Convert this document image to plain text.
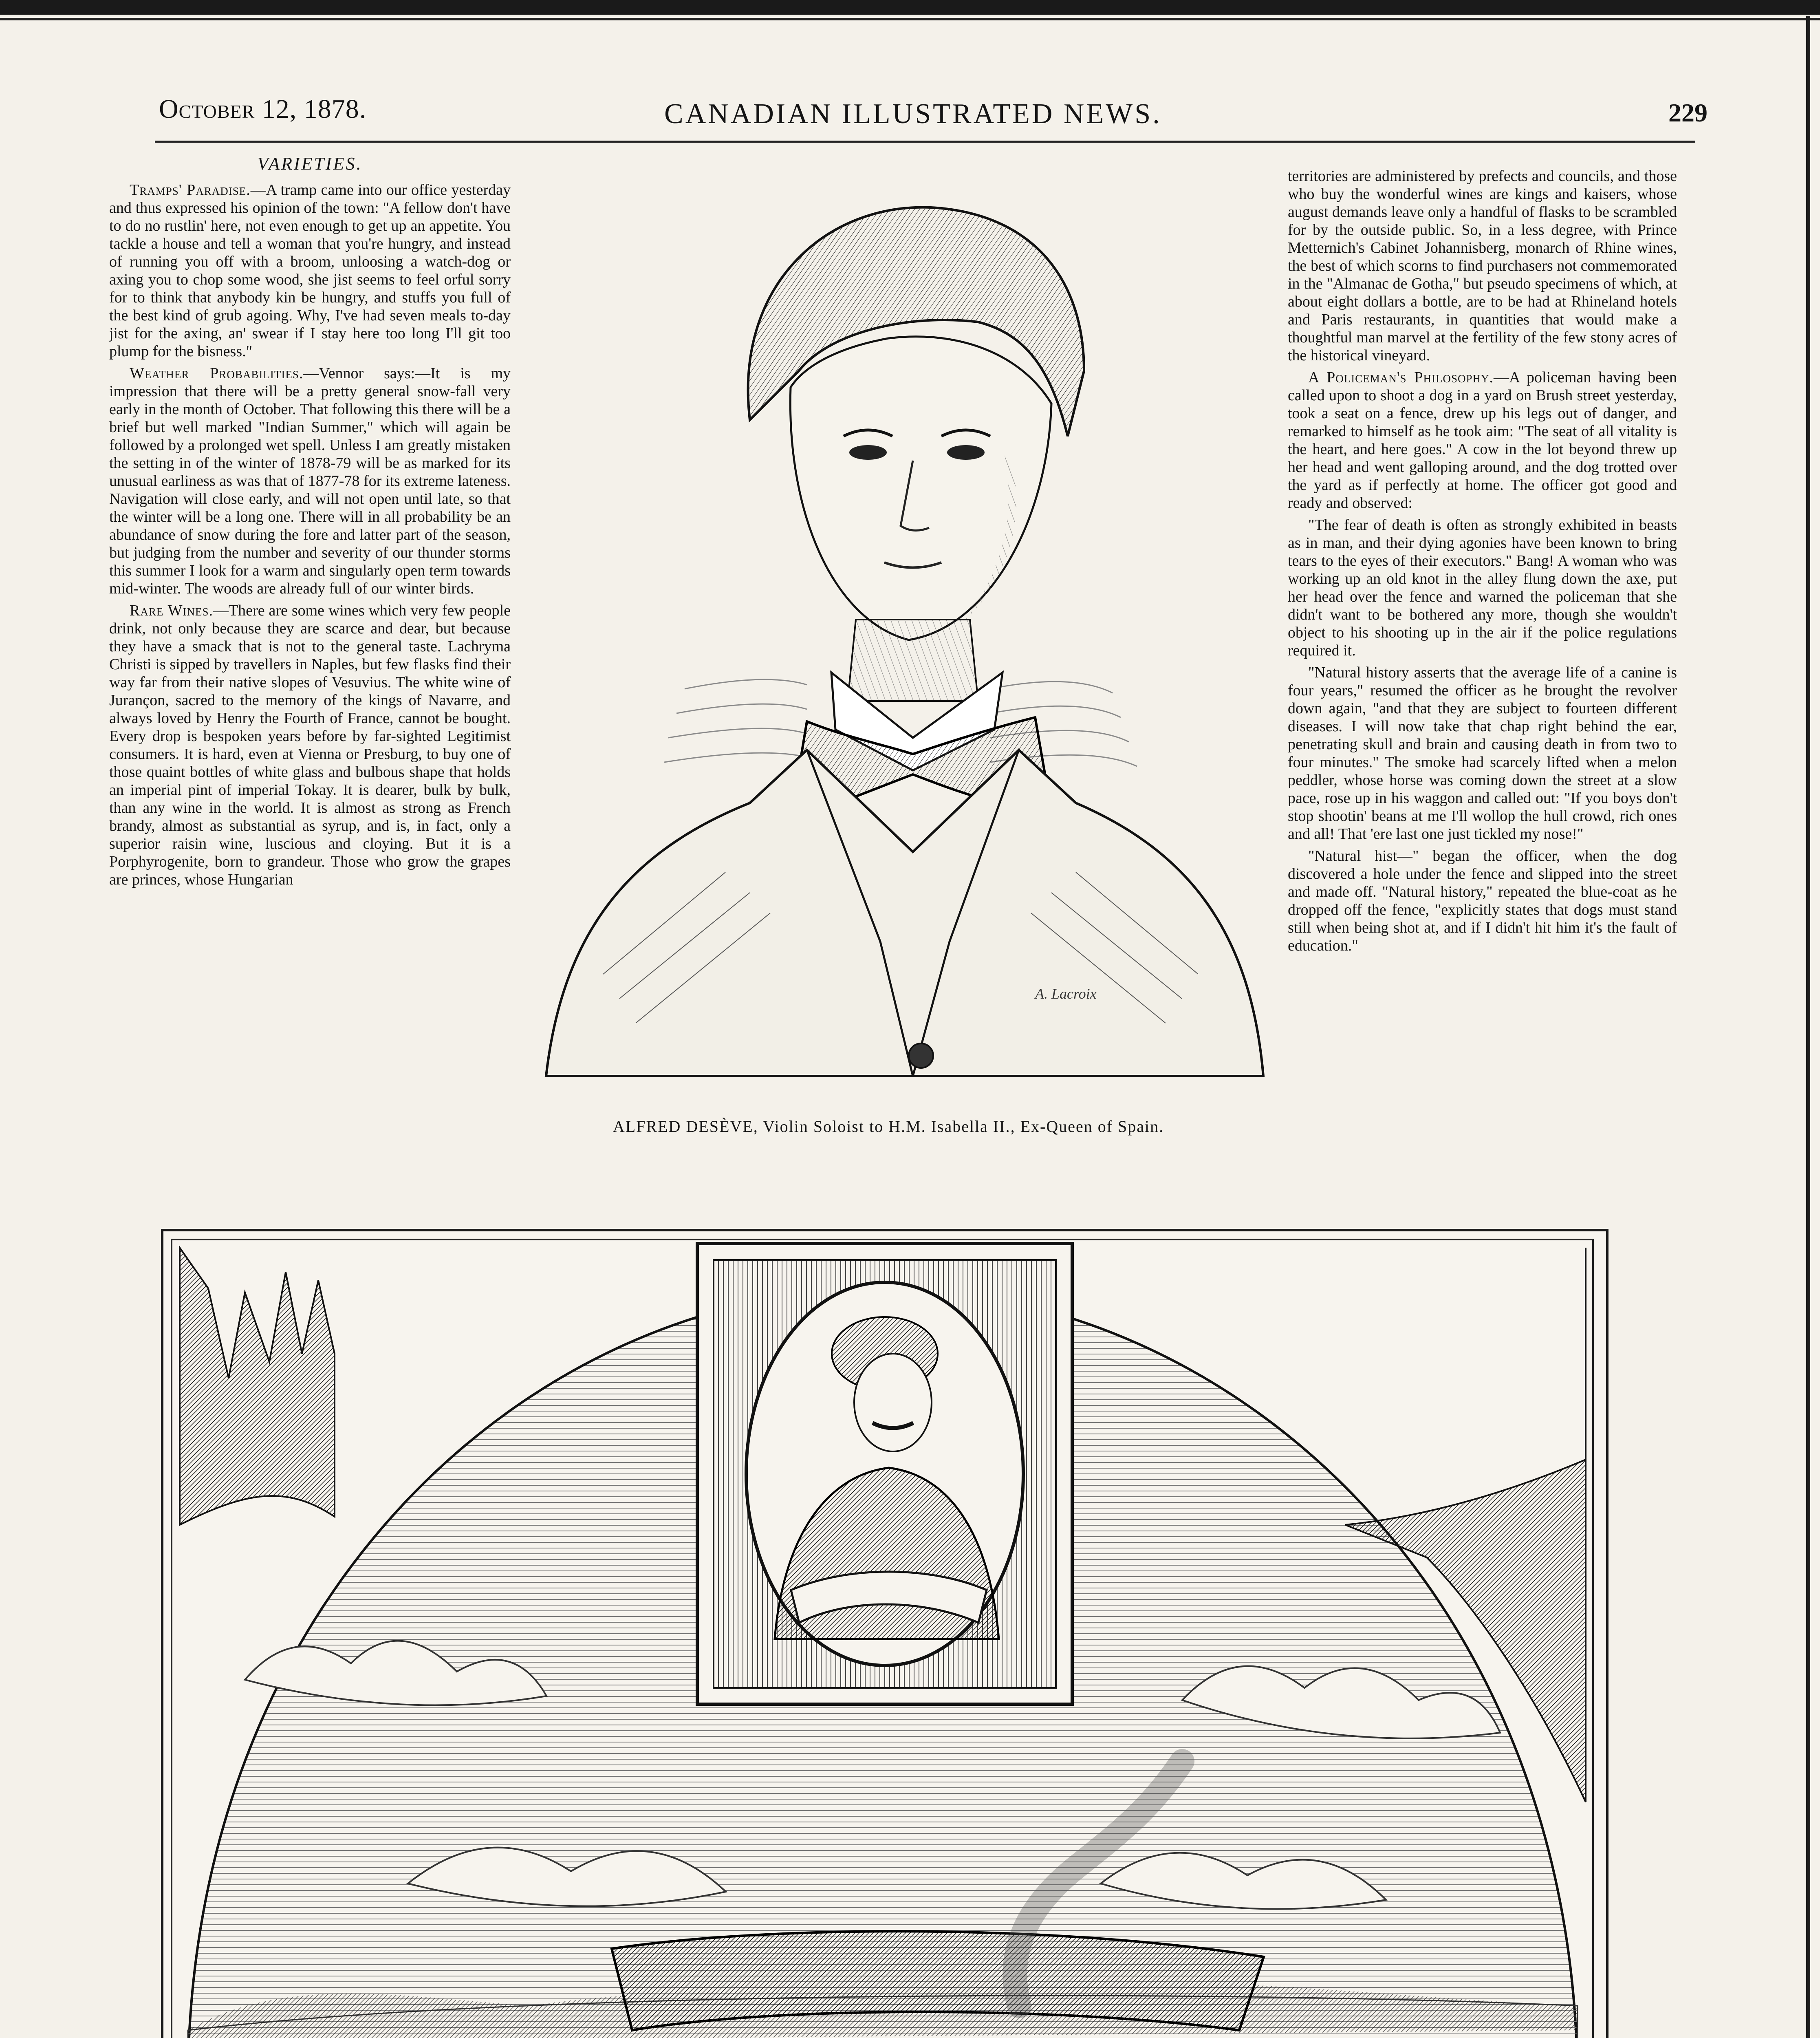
October 12, 1878.	CANADIAN ILLUSTRATED NEWS.	229
VARIETIES.

Tramps' Paradise.—A tramp came into our office yesterday and thus expressed his opinion of the town: "A fellow don't have to do no rustlin' here, not even enough to get up an appetite. You tackle a house and tell a woman that you're hungry, and instead of running you off with a broom, unloosing a watch-dog or axing you to chop some wood, she jist seems to feel orful sorry for to think that anybody kin be hungry, and stuffs you full of the best kind of grub agoing. Why, I've had seven meals to-day jist for the axing, an' swear if I stay here too long I'll git too plump for the bisness."

Weather Probabilities.—Vennor says:—It is my impression that there will be a pretty general snow-fall very early in the month of October. That following this there will be a brief but well marked "Indian Summer," which will again be followed by a prolonged wet spell. Unless I am greatly mistaken the setting in of the winter of 1878-79 will be as marked for its unusual earliness as was that of 1877-78 for its extreme lateness. Navigation will close early, and will not open until late, so that the winter will be a long one. There will in all probability be an abundance of snow during the fore and latter part of the season, but judging from the number and severity of our thunder storms this summer I look for a warm and singularly open term towards mid-winter. The woods are already full of our winter birds.

Rare Wines.—There are some wines which very few people drink, not only because they are scarce and dear, but because they have a smack that is not to the general taste. Lachryma Christi is sipped by travellers in Naples, but few flasks find their way far from their native slopes of Vesuvius. The white wine of Jurançon, sacred to the memory of the kings of Navarre, and always loved by Henry the Fourth of France, cannot be bought. Every drop is bespoken years before by far-sighted Legitimist consumers. It is hard, even at Vienna or Presburg, to buy one of those quaint bottles of white glass and bulbous shape that holds an imperial pint of imperial Tokay. It is dearer, bulk by bulk, than any wine in the world. It is almost as strong as French brandy, almost as substantial as syrup, and is, in fact, only a superior raisin wine, luscious and cloying. But it is a Porphyrogenite, born to grandeur. Those who grow the grapes are princes, whose Hungarian

A. Lacroix
ALFRED DESÈVE, Violin Soloist to H.M. Isabella II., Ex-Queen of Spain.

territories are administered by prefects and councils, and those who buy the wonderful wines are kings and kaisers, whose august demands leave only a handful of flasks to be scrambled for by the outside public. So, in a less degree, with Prince Metternich's Cabinet Johannisberg, monarch of Rhine wines, the best of which scorns to find purchasers not commemorated in the "Almanac de Gotha," but pseudo specimens of which, at about eight dollars a bottle, are to be had at Rhineland hotels and Paris restaurants, in quantities that would make a thoughtful man marvel at the fertility of the few stony acres of the historical vineyard.

A Policeman's Philosophy.—A policeman having been called upon to shoot a dog in a yard on Brush street yesterday, took a seat on a fence, drew up his legs out of danger, and remarked to himself as he took aim: "The seat of all vitality is the heart, and here goes." A cow in the lot beyond threw up her head and went galloping around, and the dog trotted over the yard as if perfectly at home. The officer got good and ready and observed:

"The fear of death is often as strongly exhibited in beasts as in man, and their dying agonies have been known to bring tears to the eyes of their executors." Bang! A woman who was working up an old knot in the alley flung down the axe, put her head over the fence and warned the policeman that she didn't want to be bothered any more, though she wouldn't object to his shooting up in the air if the police regulations required it.

"Natural history asserts that the average life of a canine is four years," resumed the officer as he brought the revolver down again, "and that they are subject to fourteen different diseases. I will now take that chap right behind the ear, penetrating skull and brain and causing death in from two to four minutes." The smoke had scarcely lifted when a melon peddler, whose horse was coming down the street at a slow pace, rose up in his waggon and called out: "If you boys don't stop shootin' beans at me I'll wollop the hull crowd, rich ones and all! That 'ere last one just tickled my nose!"

"Natural hist—" began the officer, when the dog discovered a hole under the fence and slipped into the street and made off. "Natural history," repeated the blue-coat as he dropped off the fence, "explicitly states that dogs must stand still when being shot at, and if I didn't hit him it's the fault of education."
